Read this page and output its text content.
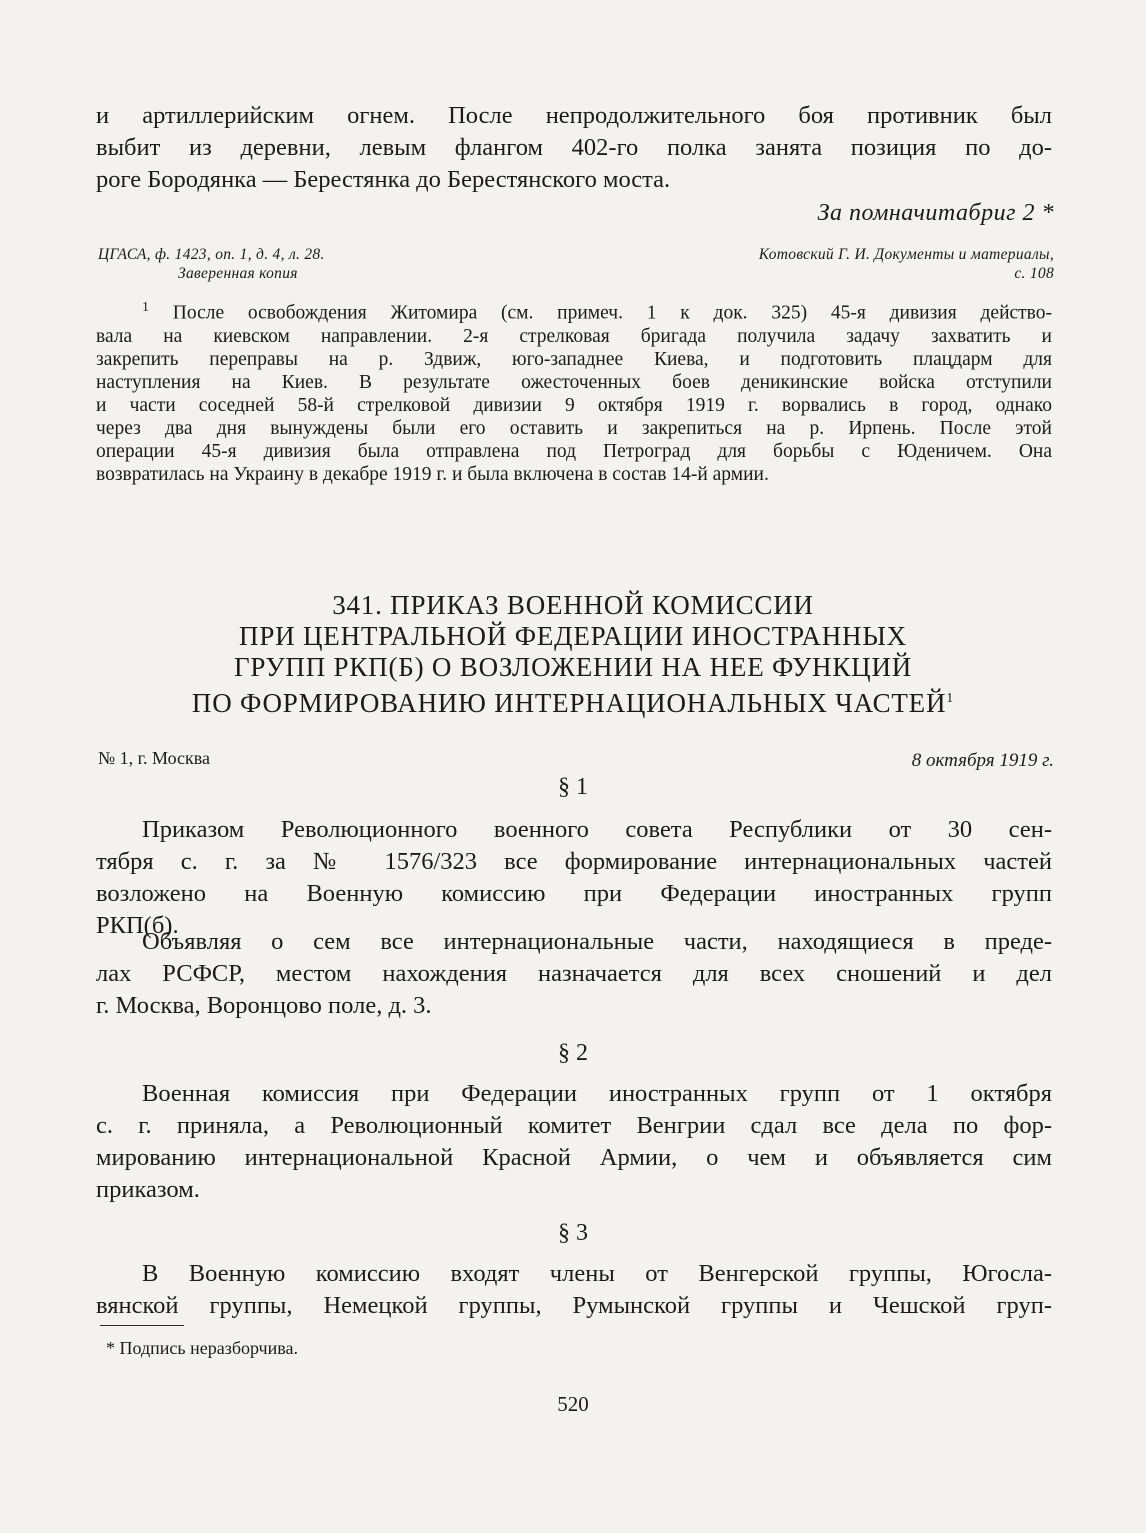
и артиллерийским огнем. После непродолжительного боя противник был
выбит из деревни, левым флангом 402-го полка занята позиция по до-
роге Бородянка — Берестянка до Берестянского моста.
За помначитабриг 2 *
ЦГАСА, ф. 1423, оп. 1, д. 4, л. 28.
Заверенная копия
Котовский Г. И. Документы и материалы,
с. 108
$^1$ После освобождения Житомира (см. примеч. 1 к док. 325) 45-я дивизия действо-
вала на киевском направлении. 2-я стрелковая бригада получила задачу захватить и
закрепить переправы на р. Здвиж, юго-западнее Киева, и подготовить плацдарм для
наступления на Киев. В результате ожесточенных боев деникинские войска отступили
и части соседней 58-й стрелковой дивизии 9 октября 1919 г. ворвались в город, однако
через два дня вынуждены были его оставить и закрепиться на р. Ирпень. После этой
операции 45-я дивизия была отправлена под Петроград для борьбы с Юденичем. Она
возвратилась на Украину в декабре 1919 г. и была включена в состав 14-й армии.
341. ПРИКАЗ ВОЕННОЙ КОМИССИИ
ПРИ ЦЕНТРАЛЬНОЙ ФЕДЕРАЦИИ ИНОСТРАННЫХ
ГРУПП РКП(Б) О ВОЗЛОЖЕНИИ НА НЕЕ ФУНКЦИЙ
ПО ФОРМИРОВАНИЮ ИНТЕРНАЦИОНАЛЬНЫХ ЧАСТЕЙ$^1$
№ 1, г. Москва	8 октября 1919 г.
§ 1
Приказом Революционного военного совета Республики от 30 сен-
тября с. г. за № 1576/323 все формирование интернациональных частей
возложено на Военную комиссию при Федерации иностранных групп
РКП(б).
Объявляя о сем все интернациональные части, находящиеся в преде-
лах РСФСР, местом нахождения назначается для всех сношений и дел
г. Москва, Воронцово поле, д. 3.
§ 2
Военная комиссия при Федерации иностранных групп от 1 октября
с. г. приняла, а Революционный комитет Венгрии сдал все дела по фор-
мированию интернациональной Красной Армии, о чем и объявляется сим
приказом.
§ 3
В Военную комиссию входят члены от Венгерской группы, Югосла-
вянской группы, Немецкой группы, Румынской группы и Чешской груп-
* Подпись неразборчива.
520
